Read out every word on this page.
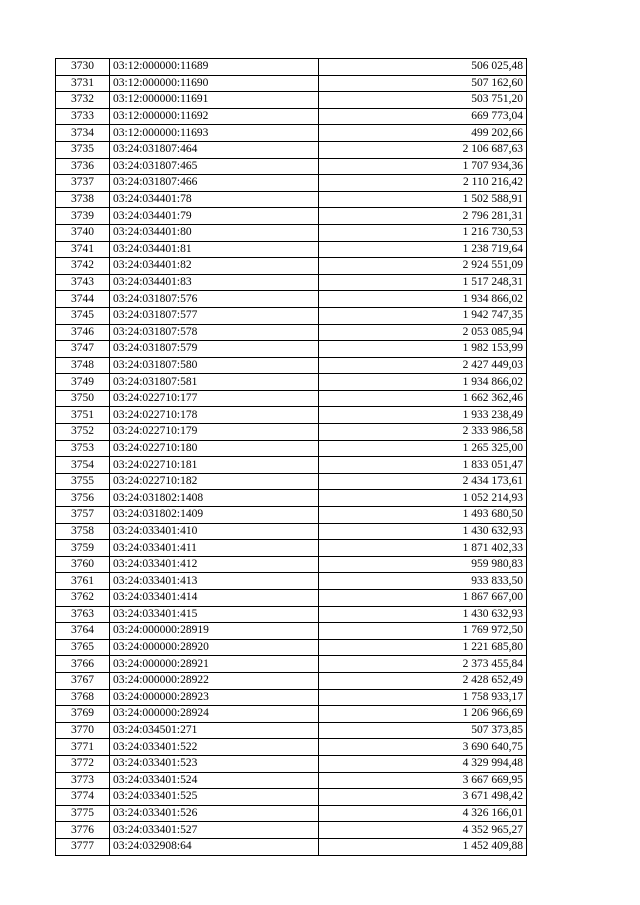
3730	03:12:000000:11689	506 025,48
3731	03:12:000000:11690	507 162,60
3732	03:12:000000:11691	503 751,20
3733	03:12:000000:11692	669 773,04
3734	03:12:000000:11693	499 202,66
3735	03:24:031807:464	2 106 687,63
3736	03:24:031807:465	1 707 934,36
3737	03:24:031807:466	2 110 216,42
3738	03:24:034401:78	1 502 588,91
3739	03:24:034401:79	2 796 281,31
3740	03:24:034401:80	1 216 730,53
3741	03:24:034401:81	1 238 719,64
3742	03:24:034401:82	2 924 551,09
3743	03:24:034401:83	1 517 248,31
3744	03:24:031807:576	1 934 866,02
3745	03:24:031807:577	1 942 747,35
3746	03:24:031807:578	2 053 085,94
3747	03:24:031807:579	1 982 153,99
3748	03:24:031807:580	2 427 449,03
3749	03:24:031807:581	1 934 866,02
3750	03:24:022710:177	1 662 362,46
3751	03:24:022710:178	1 933 238,49
3752	03:24:022710:179	2 333 986,58
3753	03:24:022710:180	1 265 325,00
3754	03:24:022710:181	1 833 051,47
3755	03:24:022710:182	2 434 173,61
3756	03:24:031802:1408	1 052 214,93
3757	03:24:031802:1409	1 493 680,50
3758	03:24:033401:410	1 430 632,93
3759	03:24:033401:411	1 871 402,33
3760	03:24:033401:412	959 980,83
3761	03:24:033401:413	933 833,50
3762	03:24:033401:414	1 867 667,00
3763	03:24:033401:415	1 430 632,93
3764	03:24:000000:28919	1 769 972,50
3765	03:24:000000:28920	1 221 685,80
3766	03:24:000000:28921	2 373 455,84
3767	03:24:000000:28922	2 428 652,49
3768	03:24:000000:28923	1 758 933,17
3769	03:24:000000:28924	1 206 966,69
3770	03:24:034501:271	507 373,85
3771	03:24:033401:522	3 690 640,75
3772	03:24:033401:523	4 329 994,48
3773	03:24:033401:524	3 667 669,95
3774	03:24:033401:525	3 671 498,42
3775	03:24:033401:526	4 326 166,01
3776	03:24:033401:527	4 352 965,27
3777	03:24:032908:64	1 452 409,88
